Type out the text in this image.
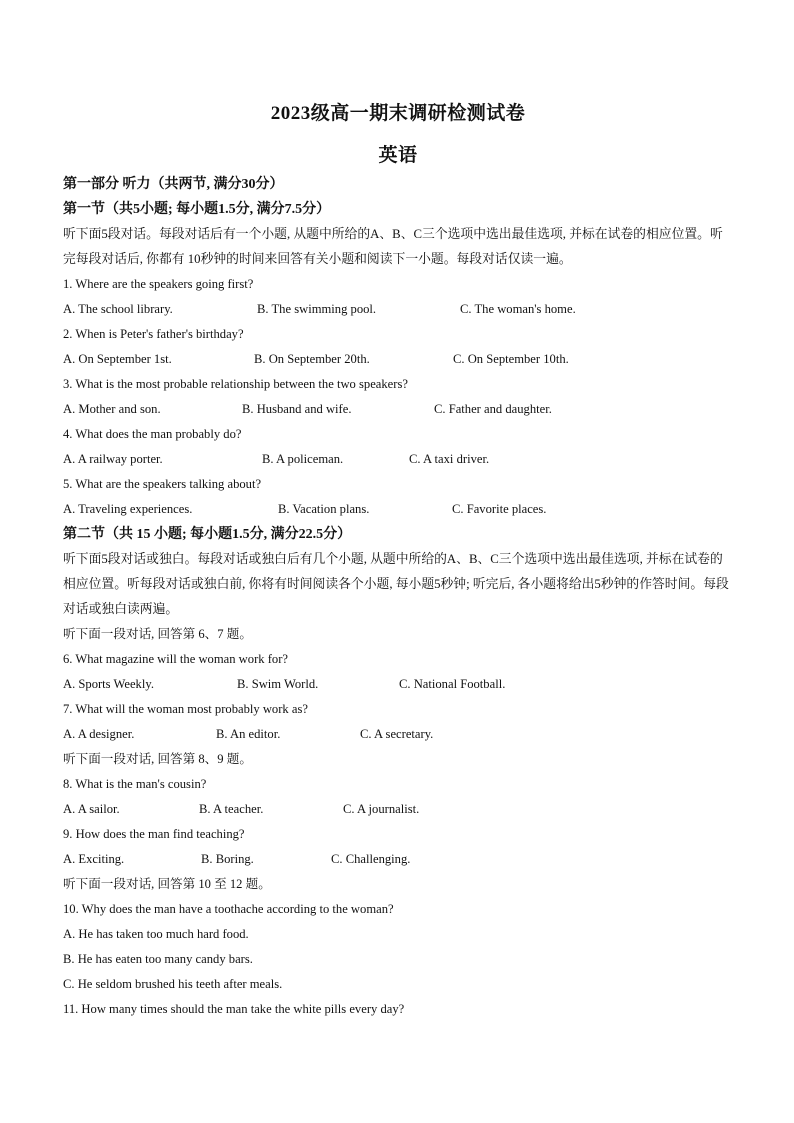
2023级高一期末调研检测试卷
英语
第一部分 听力（共两节, 满分30分）
第一节（共5小题; 每小题1.5分, 满分7.5分）
听下面5段对话。每段对话后有一个小题, 从题中所给的A、B、C三个选项中选出最佳选项, 并标在试卷的相应位置。听完每段对话后, 你都有 10秒钟的时间来回答有关小题和阅读下一小题。每段对话仅读一遍。
1. Where are the speakers going first?
A. The school library.	B. The swimming pool.	C. The woman's home.
2. When is Peter's father's birthday?
A. On September 1st.	B. On September 20th.	C. On September 10th.
3. What is the most probable relationship between the two speakers?
A. Mother and son.	B. Husband and wife.	C. Father and daughter.
4. What does the man probably do?
A. A railway porter.	B. A policeman.	C. A taxi driver.
5. What are the speakers talking about?
A. Traveling experiences.	B. Vacation plans.	C. Favorite places.
第二节（共 15 小题; 每小题1.5分, 满分22.5分）
听下面5段对话或独白。每段对话或独白后有几个小题, 从题中所给的A、B、C三个选项中选出最佳选项, 并标在试卷的相应位置。听每段对话或独白前, 你将有时间阅读各个小题, 每小题5秒钟; 听完后, 各小题将给出5秒钟的作答时间。每段对话或独白读两遍。
听下面一段对话, 回答第 6、7 题。
6. What magazine will the woman work for?
A. Sports Weekly.	B. Swim World.	C. National Football.
7. What will the woman most probably work as?
A. A designer.	B. An editor.	C. A secretary.
听下面一段对话, 回答第 8、9 题。
8. What is the man's cousin?
A. A sailor.	B. A teacher.	C. A journalist.
9. How does the man find teaching?
A. Exciting.	B. Boring.	C. Challenging.
听下面一段对话, 回答第 10 至 12 题。
10. Why does the man have a toothache according to the woman?
A. He has taken too much hard food.
B. He has eaten too many candy bars.
C. He seldom brushed his teeth after meals.
11. How many times should the man take the white pills every day?
